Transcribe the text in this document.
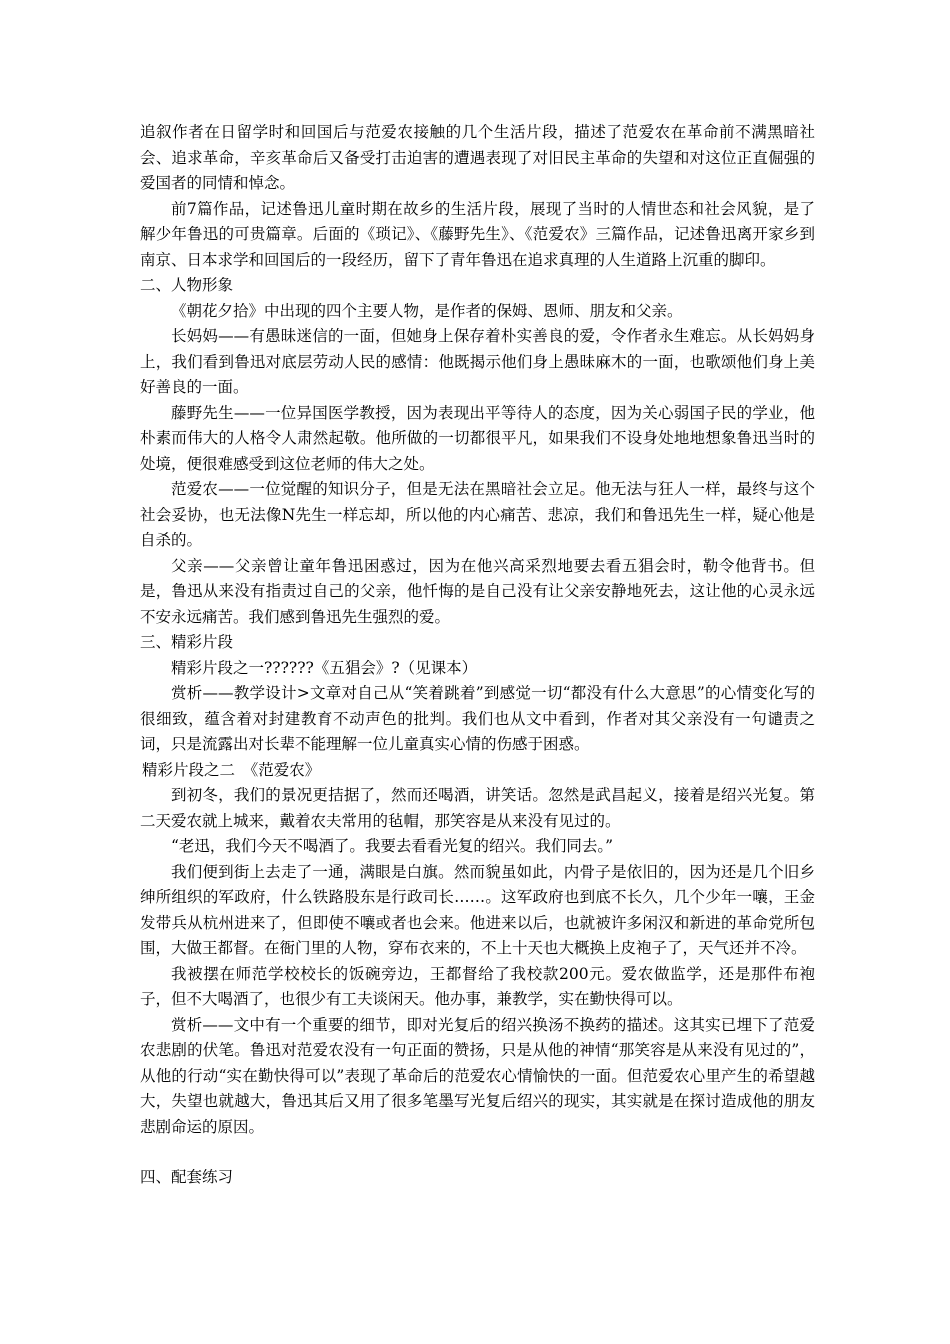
追叙作者在日留学时和回国后与范爱农接触的几个生活片段，描述了范爱农在革命前不满黑暗社会、追求革命，辛亥革命后又备受打击迫害的遭遇表现了对旧民主革命的失望和对这位正直倔强的爱国者的同情和悼念。

前7篇作品，记述鲁迅儿童时期在故乡的生活片段，展现了当时的人情世态和社会风貌，是了解少年鲁迅的可贵篇章。后面的《琐记》、《藤野先生》、《范爱农》三篇作品，记述鲁迅离开家乡到南京、日本求学和回国后的一段经历，留下了青年鲁迅在追求真理的人生道路上沉重的脚印。

二、人物形象

《朝花夕拾》中出现的四个主要人物，是作者的保姆、恩师、朋友和父亲。

长妈妈——有愚昧迷信的一面，但她身上保存着朴实善良的爱，令作者永生难忘。从长妈妈身上，我们看到鲁迅对底层劳动人民的感情：他既揭示他们身上愚昧麻木的一面，也歌颂他们身上美好善良的一面。

藤野先生——一位异国医学教授，因为表现出平等待人的态度，因为关心弱国子民的学业，他朴素而伟大的人格令人肃然起敬。他所做的一切都很平凡，如果我们不设身处地地想象鲁迅当时的处境，便很难感受到这位老师的伟大之处。

范爱农——一位觉醒的知识分子，但是无法在黑暗社会立足。他无法与狂人一样，最终与这个社会妥协，也无法像N先生一样忘却，所以他的内心痛苦、悲凉，我们和鲁迅先生一样，疑心他是自杀的。

父亲——父亲曾让童年鲁迅困惑过，因为在他兴高采烈地要去看五猖会时，勒令他背书。但是，鲁迅从来没有指责过自己的父亲，他忏悔的是自己没有让父亲安静地死去，这让他的心灵永远不安永远痛苦。我们感到鲁迅先生强烈的爱。

三、精彩片段

精彩片段之一??????《五猖会》?（见课本）

赏析——教学设计>文章对自己从“笑着跳着”到感觉一切“都没有什么大意思”的心情变化写的很细致，蕴含着对封建教育不动声色的批判。我们也从文中看到，作者对其父亲没有一句谴责之词，只是流露出对长辈不能理解一位儿童真实心情的伤感于困惑。

精彩片段之二　《范爱农》

到初冬，我们的景况更拮据了，然而还喝酒，讲笑话。忽然是武昌起义，接着是绍兴光复。第二天爱农就上城来，戴着农夫常用的毡帽，那笑容是从来没有见过的。

“老迅，我们今天不喝酒了。我要去看看光复的绍兴。我们同去。”

我们便到街上去走了一通，满眼是白旗。然而貌虽如此，内骨子是依旧的，因为还是几个旧乡绅所组织的军政府，什么铁路股东是行政司长……。这军政府也到底不长久，几个少年一嚷，王金发带兵从杭州进来了，但即使不嚷或者也会来。他进来以后，也就被许多闲汉和新进的革命党所包围，大做王都督。在衙门里的人物，穿布衣来的，不上十天也大概换上皮袍子了，天气还并不冷。

我被摆在师范学校校长的饭碗旁边，王都督给了我校款200元。爱农做监学，还是那件布袍子，但不大喝酒了，也很少有工夫谈闲天。他办事，兼教学，实在勤快得可以。

赏析——文中有一个重要的细节，即对光复后的绍兴换汤不换药的描述。这其实已埋下了范爱农悲剧的伏笔。鲁迅对范爱农没有一句正面的赞扬，只是从他的神情“那笑容是从来没有见过的”，从他的行动“实在勤快得可以”表现了革命后的范爱农心情愉快的一面。但范爱农心里产生的希望越大，失望也就越大，鲁迅其后又用了很多笔墨写光复后绍兴的现实，其实就是在探讨造成他的朋友悲剧命运的原因。

四、配套练习
